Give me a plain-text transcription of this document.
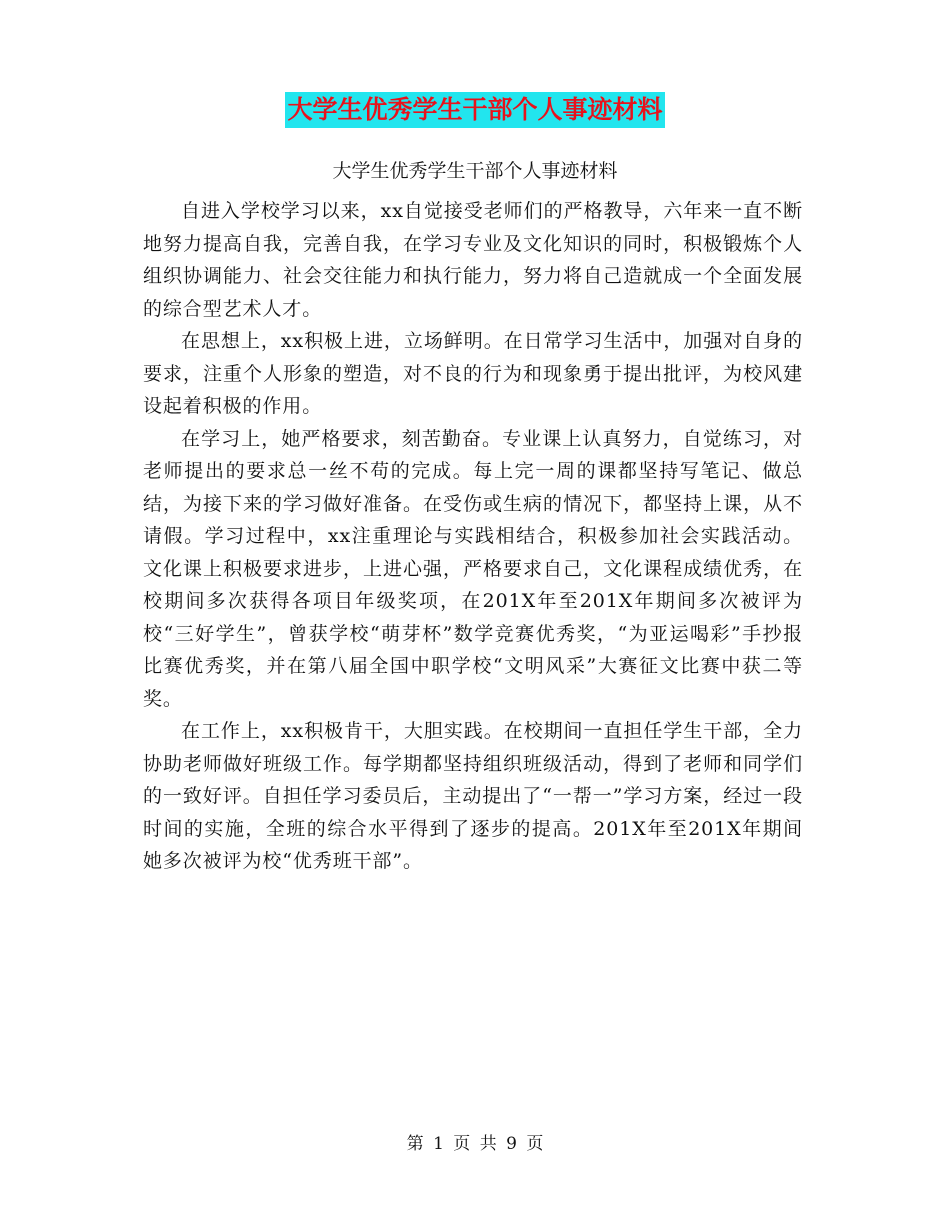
大学生优秀学生干部个人事迹材料
大学生优秀学生干部个人事迹材料

自进入学校学习以来，xx自觉接受老师们的严格教导，六年来一直不断地努力提高自我，完善自我，在学习专业及文化知识的同时，积极锻炼个人组织协调能力、社会交往能力和执行能力，努力将自己造就成一个全面发展的综合型艺术人才。

在思想上，xx积极上进，立场鲜明。在日常学习生活中，加强对自身的要求，注重个人形象的塑造，对不良的行为和现象勇于提出批评，为校风建设起着积极的作用。

在学习上，她严格要求，刻苦勤奋。专业课上认真努力，自觉练习，对老师提出的要求总一丝不苟的完成。每上完一周的课都坚持写笔记、做总结，为接下来的学习做好准备。在受伤或生病的情况下，都坚持上课，从不请假。学习过程中，xx注重理论与实践相结合，积极参加社会实践活动。文化课上积极要求进步，上进心强，严格要求自己，文化课程成绩优秀，在校期间多次获得各项目年级奖项，在201X年至201X年期间多次被评为校“三好学生”，曾获学校“萌芽杯”数学竞赛优秀奖，“为亚运喝彩”手抄报比赛优秀奖，并在第八届全国中职学校“文明风采”大赛征文比赛中获二等奖。

在工作上，xx积极肯干，大胆实践。在校期间一直担任学生干部，全力协助老师做好班级工作。每学期都坚持组织班级活动，得到了老师和同学们的一致好评。自担任学习委员后，主动提出了“一帮一”学习方案，经过一段时间的实施，全班的综合水平得到了逐步的提高。201X年至201X年期间她多次被评为校“优秀班干部”。

第 1 页 共 9 页
